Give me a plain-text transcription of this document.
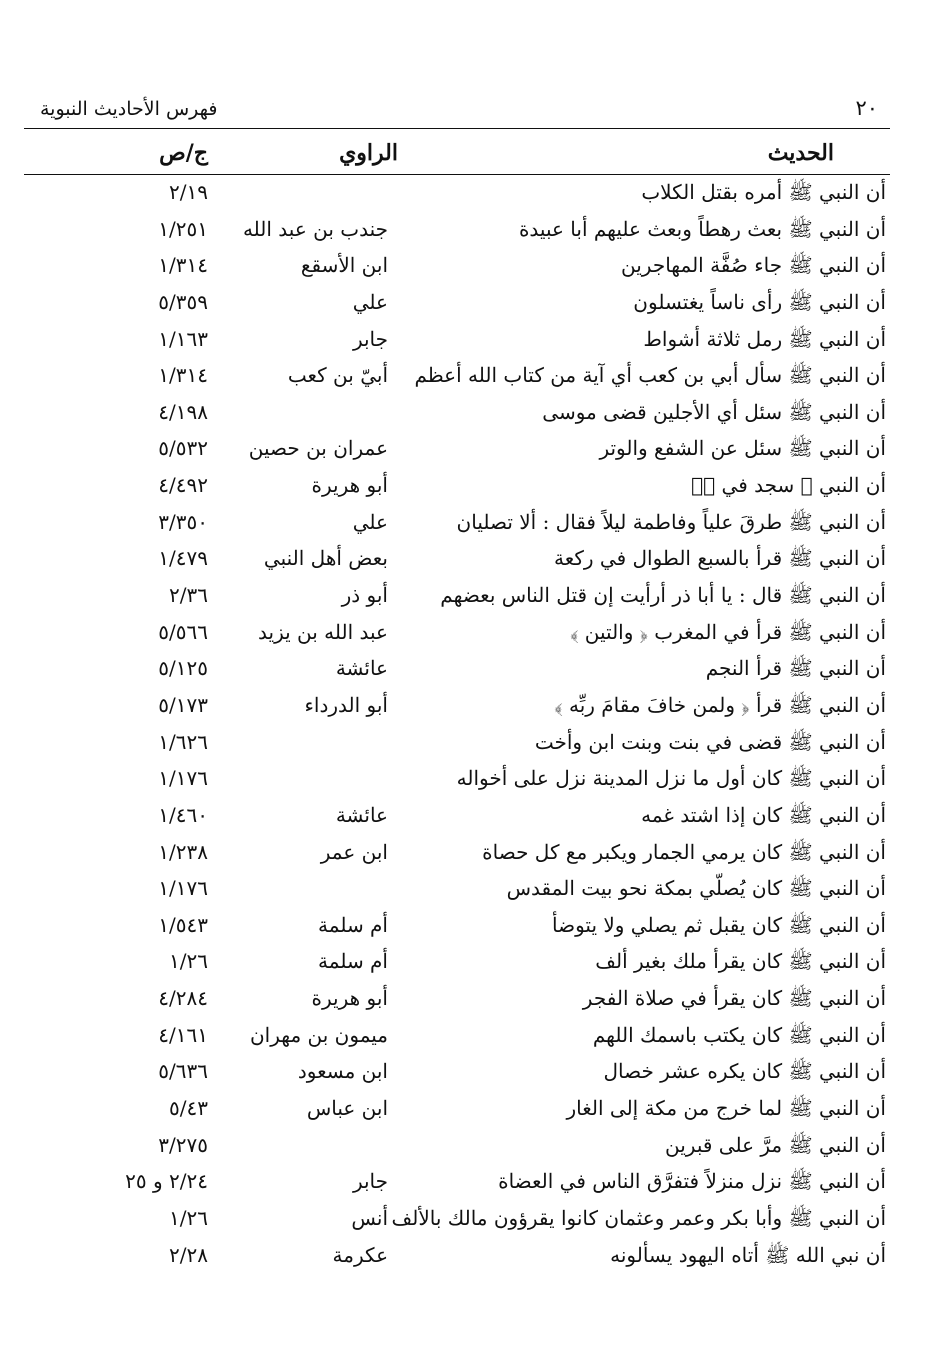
٢٠
فهرس الأحاديث النبوية
الحديث
الراوي
ج/ص
أن النبي ﷺ أمره بقتل الكلاب
٢/١٩
أن النبي ﷺ بعث رهطاً وبعث عليهم أبا عبيدة
جندب بن عبد الله
١/٢٥١
أن النبي ﷺ جاء صُفَّة المهاجرين
ابن الأسقع
١/٣١٤
أن النبي ﷺ رأى ناساً يغتسلون
علي
٥/٣٥٩
أن النبي ﷺ رمل ثلاثة أشواط
جابر
١/١٦٣
أن النبي ﷺ سأل أبي بن كعب أي آية من كتاب الله أعظم
أبيّ بن كعب
١/٣١٤
أن النبي ﷺ سئل أي الأجلين قضى موسى
٤/١٩٨
أن النبي ﷺ سئل عن الشفع والوتر
عمران بن حصين
٥/٥٣٢
أن النبي ﷺ سجد في صۤ
أبو هريرة
٤/٤٩٢
أن النبي ﷺ طرقَ علياً وفاطمة ليلاً فقال : ألا تصليان
علي
٣/٣٥٠
أن النبي ﷺ قرأ بالسبع الطوال في ركعة
بعض أهل النبي
١/٤٧٩
أن النبي ﷺ قال : يا أبا ذر أرأيت إن قتل الناس بعضهم
أبو ذر
٢/٣٦
أن النبي ﷺ قرأ في المغرب ﴿ والتين ﴾
عبد الله بن يزيد
٥/٥٦٦
أن النبي ﷺ قرأ النجم
عائشة
٥/١٢٥
أن النبي ﷺ قرأ ﴿ ولمن خافَ مقامَ ربِّه ﴾
أبو الدرداء
٥/١٧٣
أن النبي ﷺ قضى في بنت وبنت ابن وأخت
١/٦٢٦
أن النبي ﷺ كان أول ما نزل المدينة نزل على أخواله
١/١٧٦
أن النبي ﷺ كان إذا اشتد غمه
عائشة
١/٤٦٠
أن النبي ﷺ كان يرمي الجمار ويكبر مع كل حصاة
ابن عمر
١/٢٣٨
أن النبي ﷺ كان يُصلّي بمكة نحو بيت المقدس
١/١٧٦
أن النبي ﷺ كان يقبل ثم يصلي ولا يتوضأ
أم سلمة
١/٥٤٣
أن النبي ﷺ كان يقرأ ملك بغير ألف
أم سلمة
١/٢٦
أن النبي ﷺ كان يقرأ في صلاة الفجر
أبو هريرة
٤/٢٨٤
أن النبي ﷺ كان يكتب باسمك اللهم
ميمون بن مهران
٤/١٦١
أن النبي ﷺ كان يكره عشر خصال
ابن مسعود
٥/٦٣٦
أن النبي ﷺ لما خرج من مكة إلى الغار
ابن عباس
٥/٤٣
أن النبي ﷺ مرَّ على قبرين
٣/٢٧٥
أن النبي ﷺ نزل منزلاً فتفرَّق الناس في العضاة
جابر
٢/٢٤ و ٢٥
أن النبي ﷺ وأبا بكر وعمر وعثمان كانوا يقرؤون مالك بالألف
أنس
١/٢٦
أن نبي الله ﷺ أتاه اليهود يسألونه
عكرمة
٢/٢٨
